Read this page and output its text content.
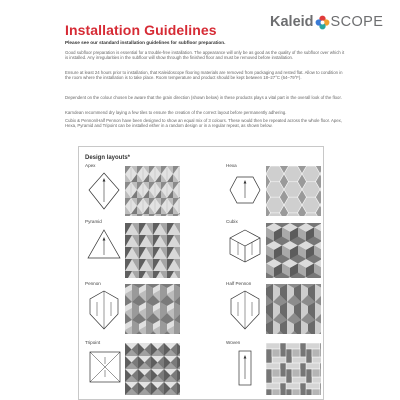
Installation Guidelines	Kaleid SCOPE
Please see our standard installation guidelines for subfloor preparation.
Good subfloor preparation is essential for a trouble-free installation. The appearance will only be as good as the quality of the subfloor over which it is installed. Any irregularities in the subfloor will show through the finished floor and must be removed before installation.
Ensure at least 24 hours prior to installation, that Kaleidoscope flooring materials are removed from packaging and rested flat. Allow to condition in the room where the installation is to take place. Room temperature and product should be kept between 18–27°C (64–79°F).
Dependent on the colour chosen be aware that the grain direction (shown below) in these products plays a vital part in the overall look of the floor.
Karndean recommend dry laying a few tiles to ensure the creation of the correct layout before permanently adhering.
Cubix & Pennon/Half Pennon have been designed to show an equal mix of 3 colours. These would then be repeated across the whole floor. Apex, Hexa, Pyramid and Tripoint can be installed either in a random design or in a regular repeat, as shown below.
Design layouts*
Apex	Hexa
Pyramid	Cubix
Pennon	Half Pennon
Tripoint	Woven
